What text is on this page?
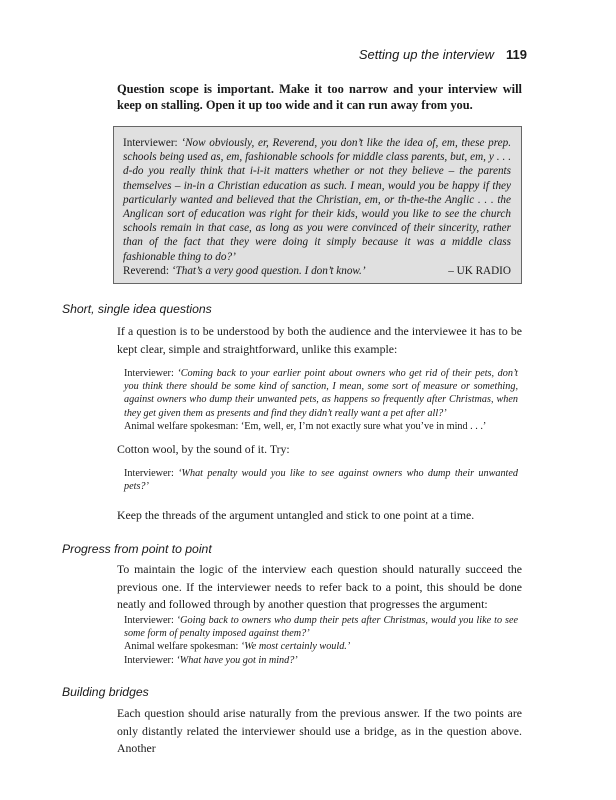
Setting up the interview 119

Question scope is important. Make it too narrow and your interview will keep on stalling. Open it up too wide and it can run away from you.

Interviewer: ‘Now obviously, er, Reverend, you don’t like the idea of, em, these prep. schools being used as, em, fashionable schools for middle class parents, but, em, y . . . d-do you really think that i-i-it matters whether or not they believe – the parents themselves – in-in a Christian education as such. I mean, would you be happy if they particularly wanted and believed that the Christian, em, or th-the-the Anglic . . . the Anglican sort of education was right for their kids, would you like to see the church schools remain in that case, as long as you were convinced of their sincerity, rather than of the fact that they were doing it simply because it was a middle class fashionable thing to do?’

Reverend: ‘That’s a very good question. I don’t know.’	– UK RADIO

Short, single idea questions

If a question is to be understood by both the audience and the interviewee it has to be kept clear, simple and straightforward, unlike this example:

Interviewer: ‘Coming back to your earlier point about owners who get rid of their pets, don’t you think there should be some kind of sanction, I mean, some sort of measure or something, against owners who dump their unwanted pets, as happens so frequently after Christmas, when they get given them as presents and find they didn’t really want a pet after all?’
Animal welfare spokesman: ‘Em, well, er, I’m not exactly sure what you’ve in mind . . .’

Cotton wool, by the sound of it. Try:

Interviewer: ‘What penalty would you like to see against owners who dump their unwanted pets?’

Keep the threads of the argument untangled and stick to one point at a time.

Progress from point to point

To maintain the logic of the interview each question should naturally succeed the previous one. If the interviewer needs to refer back to a point, this should be done neatly and followed through by another question that progresses the argument:

Interviewer: ‘Going back to owners who dump their pets after Christmas, would you like to see some form of penalty imposed against them?’
Animal welfare spokesman: ‘We most certainly would.’
Interviewer: ‘What have you got in mind?’

Building bridges

Each question should arise naturally from the previous answer. If the two points are only distantly related the interviewer should use a bridge, as in the question above. Another
